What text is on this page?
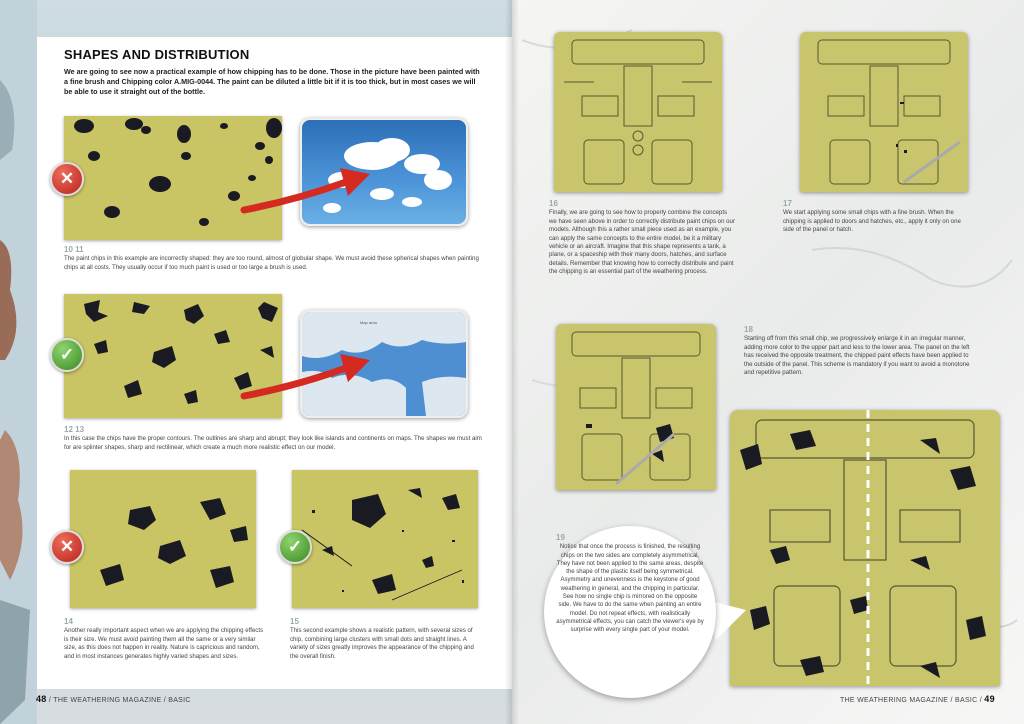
SHAPES AND DISTRIBUTION
We are going to see now a practical example of how chipping has to be done. Those in the picture have been painted with a fine brush and Chipping color A.MIG-0044. The paint can be diluted a little bit if it is too thick, but in most cases we will be able to use it straight out of the bottle.
✕
10 11
The paint chips in this example are incorrectly shaped: they are too round, almost of globular shape. We must avoid these spherical shapes when painting chips at all costs. They usually occur if too much paint is used or too large a brush is used.
✓
Map area
12 13
In this case the chips have the proper contours. The outlines are sharp and abrupt; they look like islands and continents on maps. The shapes we must aim for are splinter shapes, sharp and rectilinear, which create a much more realistic effect on our model.
✕	✓
14
Another really important aspect when we are applying the chipping effects is their size. We must avoid painting them all the same or a very similar size, as this does not happen in reality. Nature is capricious and random, and in most instances generates highly varied shapes and sizes.
15
This second example shows a realistic pattern, with several sizes of chip, combining large clusters with small dots and straight lines. A variety of sizes greatly improves the appearance of the chipping and the overall finish.
HOBBY MODELLING
48 / THE WEATHERING MAGAZINE / BASIC
16
Finally, we are going to see how to properly combine the concepts we have seen above in order to correctly distribute paint chips on our models. Although this a rather small piece used as an example, you can apply the same concepts to the entire model, be it a military vehicle or an aircraft. Imagine that this shape represents a tank, a plane, or a spaceship with their many doors, hatches, and surface details. Remember that knowing how to correctly distribute and paint the chipping is an essential part of the weathering process.
17
We start applying some small chips with a fine brush. When the chipping is applied to doors and hatches, etc., apply it only on one side of the panel or hatch.
18
Starting off from this small chip, we progressively enlarge it in an irregular manner, adding more color to the upper part and less to the lower area. The panel on the left has received the opposite treatment, the chipped paint effects have been applied to the outside of the panel. This scheme is mandatory if you want to avoid a monotone and repetitive pattern.
19
Notice that once the process is finished, the resulting chips on the two sides are completely asymmetrical. They have not been applied to the same areas, despite the shape of the plastic itself being symmetrical. Asymmetry and unevenness is the keystone of good weathering in general, and the chipping in particular. See how no single chip is mirrored on the opposite side. We have to do the same when painting an entire model. Do not repeat effects, with realistically asymmetrical effects, you can catch the viewer's eye by surprise with every single part of your model.
THE WEATHERING MAGAZINE / BASIC / 49
